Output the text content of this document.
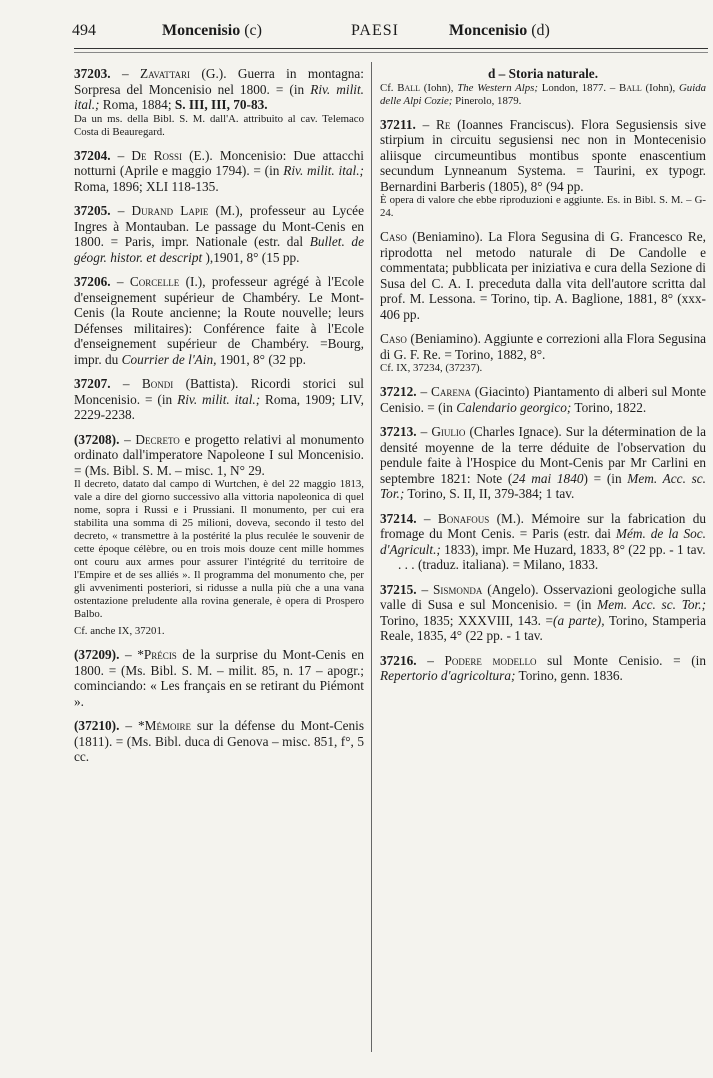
494	Moncenisio (c)	PAESI	Moncenisio (d)

37203. – Zavattari (G.). Guerra in montagna: Sorpresa del Moncenisio nel 1800. = (in Riv. milit. ital.; Roma, 1884; S. III, III, 70-83.

Da un ms. della Bibl. S. M. dall'A. attribuito al cav. Telemaco Costa di Beauregard.

37204. – De Rossi (E.). Moncenisio: Due attacchi notturni (Aprile e maggio 1794). = (in Riv. milit. ital.; Roma, 1896; XLI 118-135.

37205. – Durand Lapie (M.), professeur au Lycée Ingres à Montauban. Le passage du Mont-Cenis en 1800. = Paris, impr. Nationale (estr. dal Bullet. de géogr. histor. et descript ),1901, 8° (15 pp.

37206. – Corcelle (I.), professeur agrégé à l'Ecole d'enseignement supérieur de Chambéry. Le Mont-Cenis (la Route ancienne; la Route nouvelle; leurs Défenses militaires): Conférence faite à l'Ecole d'enseignement supérieur de Chambéry. =Bourg, impr. du Courrier de l'Ain, 1901, 8° (32 pp.

37207. – Bondi (Battista). Ricordi storici sul Moncenisio. = (in Riv. milit. ital.; Roma, 1909; LIV, 2229-2238.

(37208). – Decreto e progetto relativi al monumento ordinato dall'imperatore Napoleone I sul Moncenisio. = (Ms. Bibl. S. M. – misc. 1, N° 29.

Il decreto, datato dal campo di Wurtchen, è del 22 maggio 1813, vale a dire del giorno successivo alla vittoria napoleonica di quel nome, sopra i Russi e i Prussiani. Il monumento, per cui era stabilita una somma di 25 milioni, doveva, secondo il testo del decreto, « transmettre à la postérité la plus reculée le souvenir de cette époque célèbre, ou en trois mois douze cent mille hommes ont couru aux armes pour assurer l'intégrité du territoire de l'Empire et de ses alliés ». Il programma del monumento che, per gli avvenimenti posteriori, si ridusse a nulla più che a una vana ostentazione preludente alla rovina generale, è opera di Prospero Balbo.

Cf. anche IX, 37201.

(37209). – *Précis de la surprise du Mont-Cenis en 1800. = (Ms. Bibl. S. M. – milit. 85, n. 17 – apogr.; cominciando: « Les français en se retirant du Piémont ».

(37210). – *Mémoire sur la défense du Mont-Cenis (1811). = (Ms. Bibl. duca di Genova – misc. 851, f°, 5 cc.

d – Storia naturale.

Cf. Ball (Iohn), The Western Alps; London, 1877. – Ball (Iohn), Guida delle Alpi Cozie; Pinerolo, 1879.

37211. – Re (Ioannes Franciscus). Flora Segusiensis sive stirpium in circuitu segusiensi nec non in Montecenisio aliisque circumeuntibus montibus sponte enascentium secundum Lynneanum Systema. = Taurini, ex typogr. Bernardini Barberis (1805), 8° (94 pp.

È opera di valore che ebbe riproduzioni e aggiunte. Es. in Bibl. S. M. – G-24.

Caso (Beniamino). La Flora Segusina di G. Francesco Re, riprodotta nel metodo naturale di De Candolle e commentata; pubblicata per iniziativa e cura della Sezione di Susa del C. A. I. preceduta dalla vita dell'autore scritta dal prof. M. Lessona. = Torino, tip. A. Baglione, 1881, 8° (xxx-406 pp.

Caso (Beniamino). Aggiunte e correzioni alla Flora Segusina di G. F. Re. = Torino, 1882, 8°.

Cf. IX, 37234, (37237).

37212. – Carena (Giacinto) Piantamento di alberi sul Monte Cenisio. = (in Calendario georgico; Torino, 1822.

37213. – Giulio (Charles Ignace). Sur la détermination de la densité moyenne de la terre déduite de l'observation du pendule faite à l'Hospice du Mont-Cenis par Mr Carlini en septembre 1821: Note (24 mai 1840) = (in Mem. Acc. sc. Tor.; Torino, S. II, II, 379-384; 1 tav.

37214. – Bonafous (M.). Mémoire sur la fabrication du fromage du Mont Cenis. = Paris (estr. dai Mém. de la Soc. d'Agricult.; 1833), impr. Me Huzard, 1833, 8° (22 pp. - 1 tav.

. . . (traduz. italiana). = Milano, 1833.

37215. – Sismonda (Angelo). Osservazioni geologiche sulla valle di Susa e sul Moncenisio. = (in Mem. Acc. sc. Tor.; Torino, 1835; XXXVIII, 143. =(a parte), Torino, Stamperia Reale, 1835, 4° (22 pp. - 1 tav.

37216. – Podere modello sul Monte Cenisio. = (in Repertorio d'agricoltura; Torino, genn. 1836.
